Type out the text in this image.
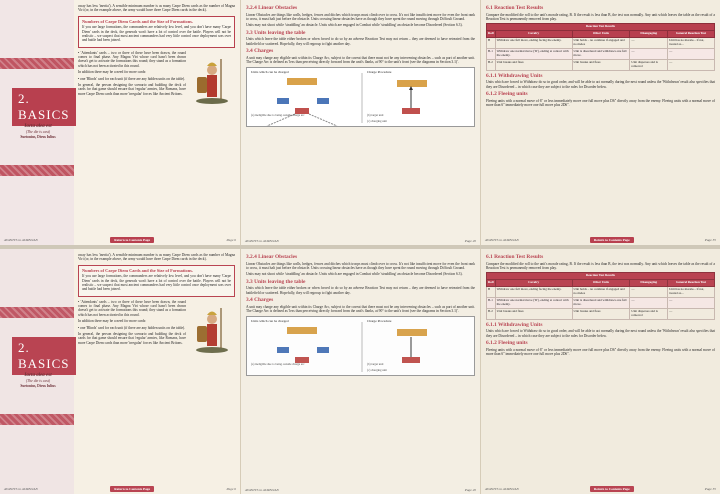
2. BASICS
Iacta alea est
(The die is cast)
Suetonius, Divus Iulius

away has less 'inertia'). A sensible minimum number is as many Carpe Diem cards as the number of Magna Viri (or, in the example above, the army would have three Carpe Diem cards in the deck).

Numbers of Carpe Diem Cards and the Size of Formations.

If you use large formations, the commanders are relatively low level, and you don't have many 'Carpe Diem' cards in the deck, the generals won't have a lot of control over the battle. Players will not be realistic – we suspect that most ancient commanders had very little control once deployment was over and battle had been joined.

• 'Attendants' cards – two or three of these have been drawn, the round comes to final phase. Any Magna Viri whose card hasn't been drawn doesn't get to activate the formations this round; they stand as a formation which has not been activated in this round.

In addition there may be a need for more cards:

• one 'Blinds' card for each unit (if there are any hidden units on the table).

In general, the person designing the scenario and building the deck of cards for that game should ensure that 'regular' armies, like Romans, have more Carpe Diem cards than more 'irregular' forces like Ancient Britons.

AVANTI'S to AURELIAN	Return to Contents Page	Page 6
3.2.4 Linear Obstacles

Linear Obstacles are things like walls, hedges, fences and ditches which troops must climb over to cross. It's not like insufficient move for even the front rank to cross, it must halt just before the obstacle. Units crossing linear obstacles have as though they have spent the round moving through Difficult Ground.

Units may not shoot while 'straddling' an obstacle. Units which are engaged in Combat while 'straddling' an obstacle become Disordered (Section 6.3).

3.3 Units leaving the table

Units which leave the table either broken or when forced to do so by an adverse Reaction Test may not return – they are deemed to have retreated from the battlefield or scattered. Hopefully, they will regroup to fight another day.

3.4 Charges

A unit may charge any eligible unit within its Charge Arc, subject to the caveat that there must not be any intervening obstacles – such as part of another unit. The Charge Arc is defined as 'less than perceiving directly forward from the unit's flanks, at 90° to the unit's front (see the diagrams in Section 3.1)'.

Units which can be charged	Charge Procedure
(a) ineligible due to being outside charge arc	(b) target unit
(c) charging unit
AVANTI'S to AURELIAN	Page 20
6.1 Reaction Test Results

Compare the modified die roll to the unit's morale rating, B. If the result is less than B, the test was normally. Any unit which leaves the table as the result of a Reaction Test is permanently removed from play.

Reaction Test Results				
Roll	Cavalry	Other Units	Disengaging	General Reaction Test
B	Withdraw one full move, ending facing the enemy.	Unit holds – no continue if engaged and no melee	—	Unit has no morale... if not, treated as...
B-1	Withdraw one normal move ('D'), ending at contact with the enemy.	Unit is disordered and withdraws one full move.	—	—
B-2	Unit breaks and flees	Unit breaks and flees	Unit disperses and is removed	—
6.1.1 Withdrawing Units

Units which are forced to Withdraw do so in good order, and will be able to act normally during the next round unless the 'Withdrawn' result also specifies that they are Disordered – in which case they are subject to the rules for Disorder below.

6.1.2 Fleeing units

Fleeing units with a normal move of 6" or less immediately move one full move plus D6" directly away from the enemy. Fleeing units with a normal move of more than 6" immediately move one full move plus 2D6".

AVANTI'S to AURELIAN	Return to Contents Page	Page 35
2. BASICS
Iacta alea est
(The die is cast)
Suetonius, Divus Iulius

away has less 'inertia'). A sensible minimum number is as many Carpe Diem cards as the number of Magna Viri (or, in the example above, the army would have three Carpe Diem cards in the deck).

Numbers of Carpe Diem Cards and the Size of Formations.

If you use large formations, the commanders are relatively low level, and you don't have many 'Carpe Diem' cards in the deck, the generals won't have a lot of control over the battle. Players will not be realistic – we suspect that most ancient commanders had very little control once deployment was over and battle had been joined.

• 'Attendants' cards – two or three of these have been drawn, the round comes to final phase. Any Magna Viri whose card hasn't been drawn doesn't get to activate the formations this round; they stand as a formation which has not been activated in this round.

In addition there may be a need for more cards:

• one 'Blinds' card for each unit (if there are any hidden units on the table).

In general, the person designing the scenario and building the deck of cards for that game should ensure that 'regular' armies, like Romans, have more Carpe Diem cards than more 'irregular' forces like Ancient Britons.

AVANTI'S to AURELIAN	Return to Contents Page	Page 6
3.2.4 Linear Obstacles

Linear Obstacles are things like walls, hedges, fences and ditches which troops must climb over to cross. It's not like insufficient move for even the front rank to cross, it must halt just before the obstacle. Units crossing linear obstacles have as though they have spent the round moving through Difficult Ground.

Units may not shoot while 'straddling' an obstacle. Units which are engaged in Combat while 'straddling' an obstacle become Disordered (Section 6.3).

3.3 Units leaving the table

Units which leave the table either broken or when forced to do so by an adverse Reaction Test may not return – they are deemed to have retreated from the battlefield or scattered. Hopefully, they will regroup to fight another day.

3.4 Charges

A unit may charge any eligible unit within its Charge Arc, subject to the caveat that there must not be any intervening obstacles – such as part of another unit. The Charge Arc is defined as 'less than perceiving directly forward from the unit's flanks, at 90° to the unit's front (see the diagrams in Section 3.1)'.

Units which can be charged	Charge Procedure
(a) ineligible due to being outside charge arc	(b) target unit
(c) charging unit
AVANTI'S to AURELIAN	Page 20
6.1 Reaction Test Results

Compare the modified die roll to the unit's morale rating, B. If the result is less than B, the test was normally. Any unit which leaves the table as the result of a Reaction Test is permanently removed from play.

Reaction Test Results				
Roll	Cavalry	Other Units	Disengaging	General Reaction Test
B	Withdraw one full move, ending facing the enemy.	Unit holds – no continue if engaged and no melee	—	Unit has no morale... if not, treated as...
B-1	Withdraw one normal move ('D'), ending at contact with the enemy.	Unit is disordered and withdraws one full move.	—	—
B-2	Unit breaks and flees	Unit breaks and flees	Unit disperses and is removed	—
6.1.1 Withdrawing Units

Units which are forced to Withdraw do so in good order, and will be able to act normally during the next round unless the 'Withdrawn' result also specifies that they are Disordered – in which case they are subject to the rules for Disorder below.

6.1.2 Fleeing units

Fleeing units with a normal move of 6" or less immediately move one full move plus D6" directly away from the enemy. Fleeing units with a normal move of more than 6" immediately move one full move plus 2D6".

AVANTI'S to AURELIAN	Return to Contents Page	Page 35
